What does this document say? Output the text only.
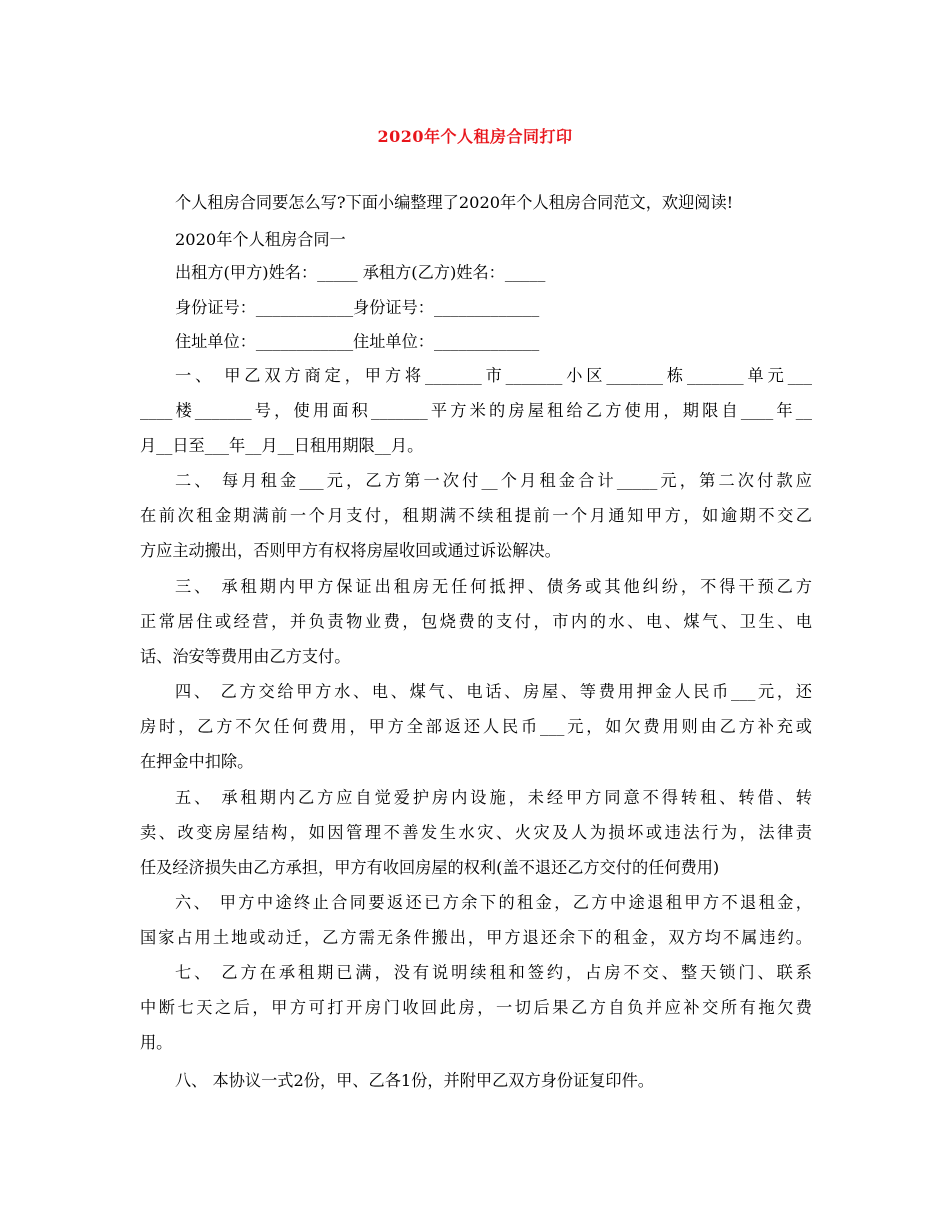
2020年个人租房合同打印
个人租房合同要怎么写?下面小编整理了2020年个人租房合同范文，欢迎阅读!
2020年个人租房合同一
出租方(甲方)姓名：_____ 承租方(乙方)姓名：_____
身份证号：____________身份证号：_____________
住址单位：____________住址单位：_____________
一、 甲乙双方商定，甲方将_______市_______小区_______栋_______单元___
____楼_______号，使用面积_______平方米的房屋租给乙方使用，期限自____年__
月__日至___年__月__日租用期限__月。
二、 每月租金___元，乙方第一次付__个月租金合计_____元，第二次付款应
在前次租金期满前一个月支付，租期满不续租提前一个月通知甲方，如逾期不交乙
方应主动搬出，否则甲方有权将房屋收回或通过诉讼解决。
三、 承租期内甲方保证出租房无任何抵押、债务或其他纠纷，不得干预乙方
正常居住或经营，并负责物业费，包烧费的支付，市内的水、电、煤气、卫生、电
话、治安等费用由乙方支付。
四、 乙方交给甲方水、电、煤气、电话、房屋、等费用押金人民币___元，还
房时，乙方不欠任何费用，甲方全部返还人民币___元，如欠费用则由乙方补充或
在押金中扣除。
五、 承租期内乙方应自觉爱护房内设施，未经甲方同意不得转租、转借、转
卖、改变房屋结构，如因管理不善发生水灾、火灾及人为损坏或违法行为，法律责
任及经济损失由乙方承担，甲方有收回房屋的权利(盖不退还乙方交付的任何费用)
六、 甲方中途终止合同要返还已方余下的租金，乙方中途退租甲方不退租金，
国家占用土地或动迁，乙方需无条件搬出，甲方退还余下的租金，双方均不属违约。
七、 乙方在承租期已满，没有说明续租和签约，占房不交、整天锁门、联系
中断七天之后，甲方可打开房门收回此房，一切后果乙方自负并应补交所有拖欠费
用。
八、 本协议一式2份，甲、乙各1份，并附甲乙双方身份证复印件。
